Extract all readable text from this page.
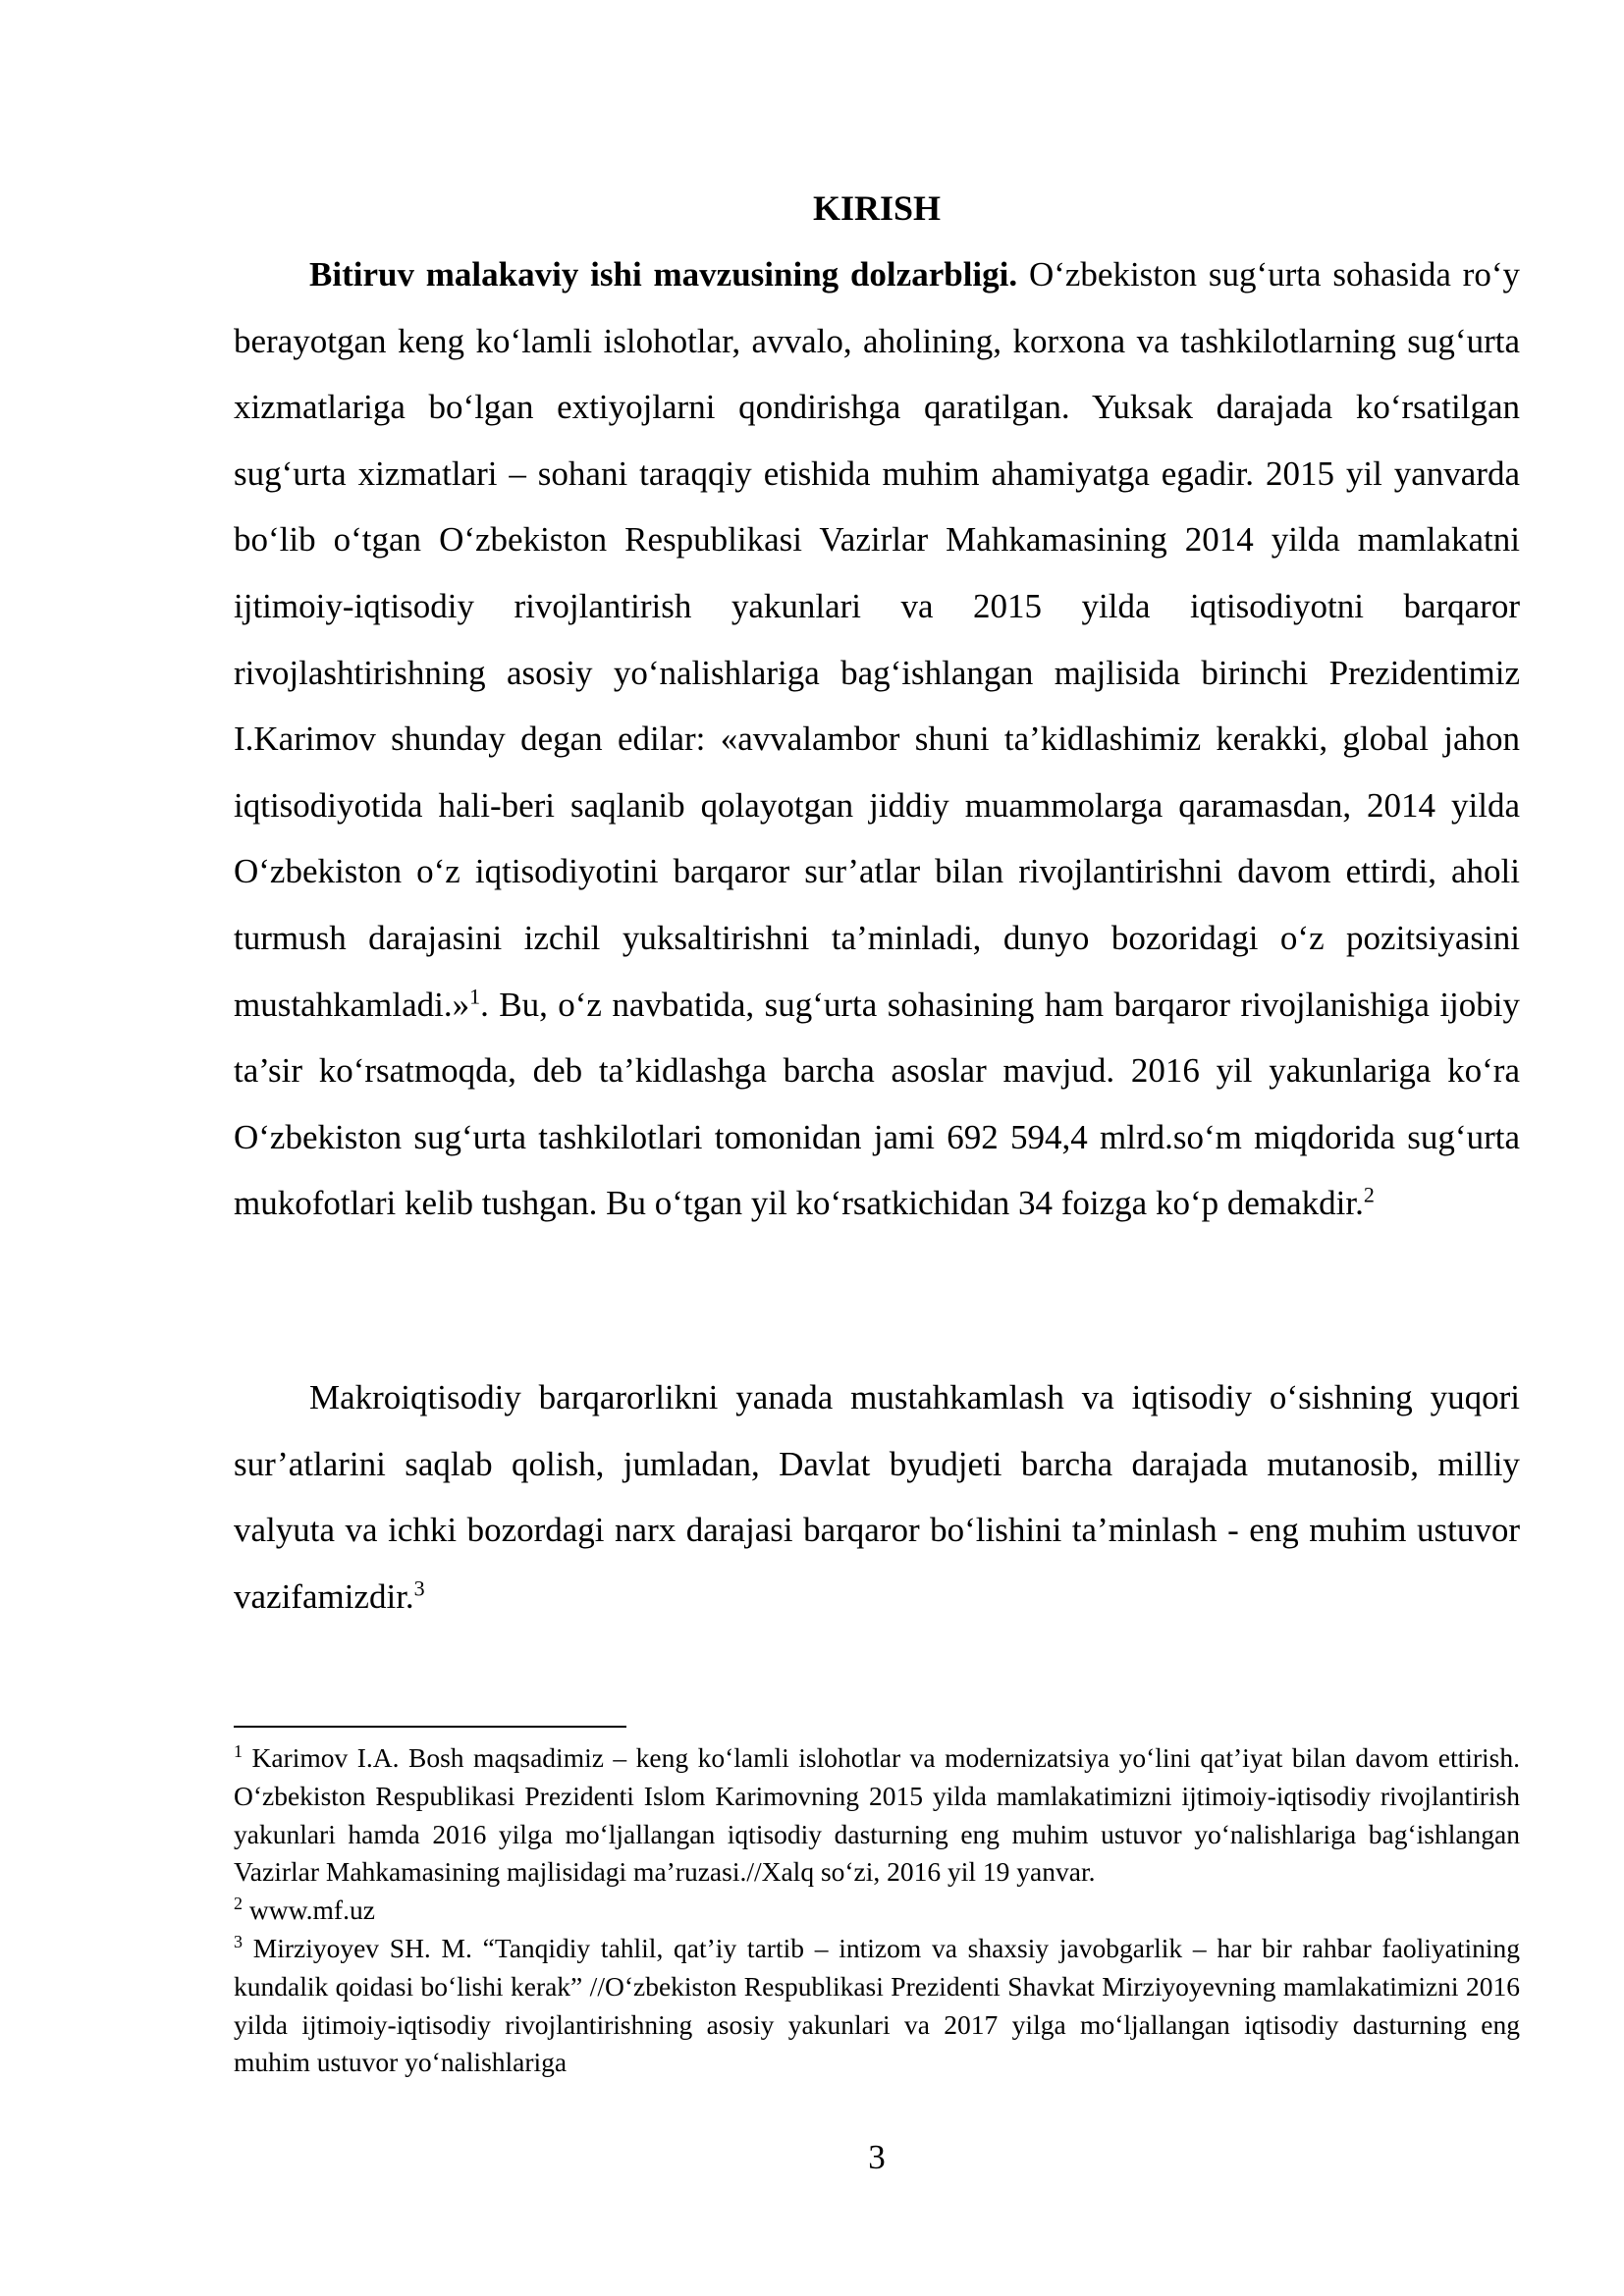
KIRISH

Bitiruv malakaviy ishi mavzusining dolzarbligi. O‘zbekiston sug‘urta sohasida ro‘y berayotgan keng ko‘lamli islohotlar, avvalo, aholining, korxona va tashkilotlarning sug‘urta xizmatlariga bo‘lgan extiyojlarni qondirishga qaratilgan. Yuksak darajada ko‘rsatilgan sug‘urta xizmatlari – sohani taraqqiy etishida muhim ahamiyatga egadir. 2015 yil yanvarda bo‘lib o‘tgan O‘zbekiston Respublikasi Vazirlar Mahkamasining 2014 yilda mamlakatni ijtimoiy-iqtisodiy rivojlantirish yakunlari va 2015 yilda iqtisodiyotni barqaror rivojlashtirishning asosiy yo‘nalishlariga bag‘ishlangan majlisida birinchi Prezidentimiz I.Karimov shunday degan edilar: «avvalambor shuni ta’kidlashimiz kerakki, global jahon iqtisodiyotida hali-beri saqlanib qolayotgan jiddiy muammolarga qaramasdan, 2014 yilda O‘zbekiston o‘z iqtisodiyotini barqaror sur’atlar bilan rivojlantirishni davom ettirdi, aholi turmush darajasini izchil yuksaltirishni ta’minladi, dunyo bozoridagi o‘z pozitsiyasini mustahkamladi.»$^1$. Bu, o‘z navbatida, sug‘urta sohasining ham barqaror rivojlanishiga ijobiy ta’sir ko‘rsatmoqda, deb ta’kidlashga barcha asoslar mavjud. 2016 yil yakunlariga ko‘ra O‘zbekiston sug‘urta tashkilotlari tomonidan jami 692 594,4 mlrd.so‘m miqdorida sug‘urta mukofotlari kelib tushgan. Bu o‘tgan yil ko‘rsatkichidan 34 foizga ko‘p demakdir.$^2$

Makroiqtisodiy barqarorlikni yanada mustahkamlash va iqtisodiy o‘sishning yuqori sur’atlarini saqlab qolish, jumladan, Davlat byudjeti barcha darajada mutanosib, milliy valyuta va ichki bozordagi narx darajasi barqaror bo‘lishini ta’minlash - eng muhim ustuvor vazifamizdir.$^3$

$^1$ Karimov I.A. Bosh maqsadimiz – keng ko‘lamli islohotlar va modernizatsiya yo‘lini qat’iyat bilan davom ettirish. O‘zbekiston Respublikasi Prezidenti Islom Karimovning 2015 yilda mamlakatimizni ijtimoiy-iqtisodiy rivojlantirish yakunlari hamda 2016 yilga mo‘ljallangan iqtisodiy dasturning eng muhim ustuvor yo‘nalishlariga bag‘ishlangan Vazirlar Mahkamasining majlisidagi ma’ruzasi.//Xalq so‘zi, 2016 yil 19 yanvar.

$^2$ www.mf.uz

$^3$ Mirziyoyev SH. M. “Tanqidiy tahlil, qat’iy tartib – intizom va shaxsiy javobgarlik – har bir rahbar faoliyatining kundalik qoidasi bo‘lishi kerak” //O‘zbekiston Respublikasi Prezidenti Shavkat Mirziyoyevning mamlakatimizni 2016 yilda ijtimoiy-iqtisodiy rivojlantirishning asosiy yakunlari va 2017 yilga mo‘ljallangan iqtisodiy dasturning eng muhim ustuvor yo‘nalishlariga

3
